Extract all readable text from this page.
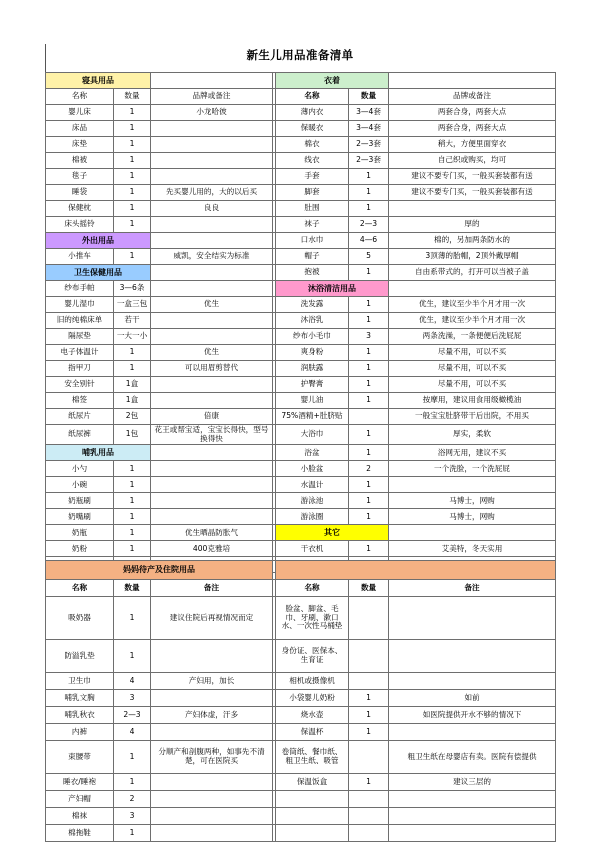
新生儿用品准备清单
寝具用品				衣着		
名称	数量	品牌或备注		名称	数量	品牌或备注
婴儿床	1	小龙哈彼		薄内衣	3—4套	两套合身，两套大点
床品	1			保暖衣	3—4套	两套合身，两套大点
床垫	1			棉衣	2—3套	稍大，方便里面穿衣
棉被	1			线衣	2—3套	自己织或购买，均可
毯子	1			手套	1	建议不要专门买，一般买套装都有送
睡袋	1	先买婴儿用的，大的以后买		脚套	1	建议不要专门买，一般买套装都有送
保健枕	1	良良		肚围	1	
床头摇铃	1			袜子	2—3	厚的
外出用品				口水巾	4—6	棉的，另加两条防水的
小推车	1	威凯，安全结实为标准		帽子	5	3顶薄的胎帽，2顶外戴厚帽
卫生保健用品				抱被	1	自由系带式的，打开可以当被子盖
纱布手帕	3—6条			沐浴清洁用品		
婴儿湿巾	一盒三包	优生		洗发露	1	优生，建议至少半个月才用一次
旧的纯棉床单	若干			沐浴乳	1	优生，建议至少半个月才用一次
隔尿垫	一大一小			纱布小毛巾	3	两条洗澡，一条便便后洗屁屁
电子体温计	1	优生		爽身粉	1	尽量不用，可以不买
指甲刀	1	可以用眉剪替代		润肤露	1	尽量不用，可以不买
安全别针	1盒			护臀膏	1	尽量不用，可以不买
棉签	1盒			婴儿油	1	按摩用，建议用食用级橄榄油
纸尿片	2包	倍康		75%酒精+肚脐贴		一般宝宝肚脐带干后出院，不用买
纸尿裤	1包	花王或帮宝适，宝宝长得快，型号换得快		大浴巾	1	厚实，柔软
哺乳用品				浴盆	1	浴网无用，建议不买
小勺	1			小脸盆	2	一个洗脸，一个洗屁屁
小碗	1			水温计	1	
奶瓶刷	1			游泳池	1	马博士，网购
奶嘴刷	1			游泳圈	1	马博士，网购
奶瓶	1	优生晒晶防胀气		其它		
奶粉	1	400克雅培		干衣机	1	艾美特，冬天实用

妈妈待产及住院用品						
名称	数量	备注		名称	数量	备注
吸奶器	1	建议住院后再视情况而定		脸盆、脚盆、毛巾、牙刷、漱口水、一次性马桶垫		
防溢乳垫	1			身份证、医保本、生育证		
卫生巾	4	产妇用，加长		相机或摄像机		
哺乳文胸	3			小袋婴儿奶粉	1	如前
哺乳秋衣	2—3	产妇体虚，汗多		烧水壶	1	如医院提供开水不够的情况下
内裤	4			保温杯	1	
束腰带	1	分顺产和剖腹两种，如事先不清楚，可在医院买		卷筒纸、餐巾纸、粗卫生纸、吸管		粗卫生纸在母婴店有卖。医院有偿提供
睡衣/睡袍	1			保温饭盒	1	建议三层的
产妇帽	2					
棉袜	3					
棉拖鞋	1					
